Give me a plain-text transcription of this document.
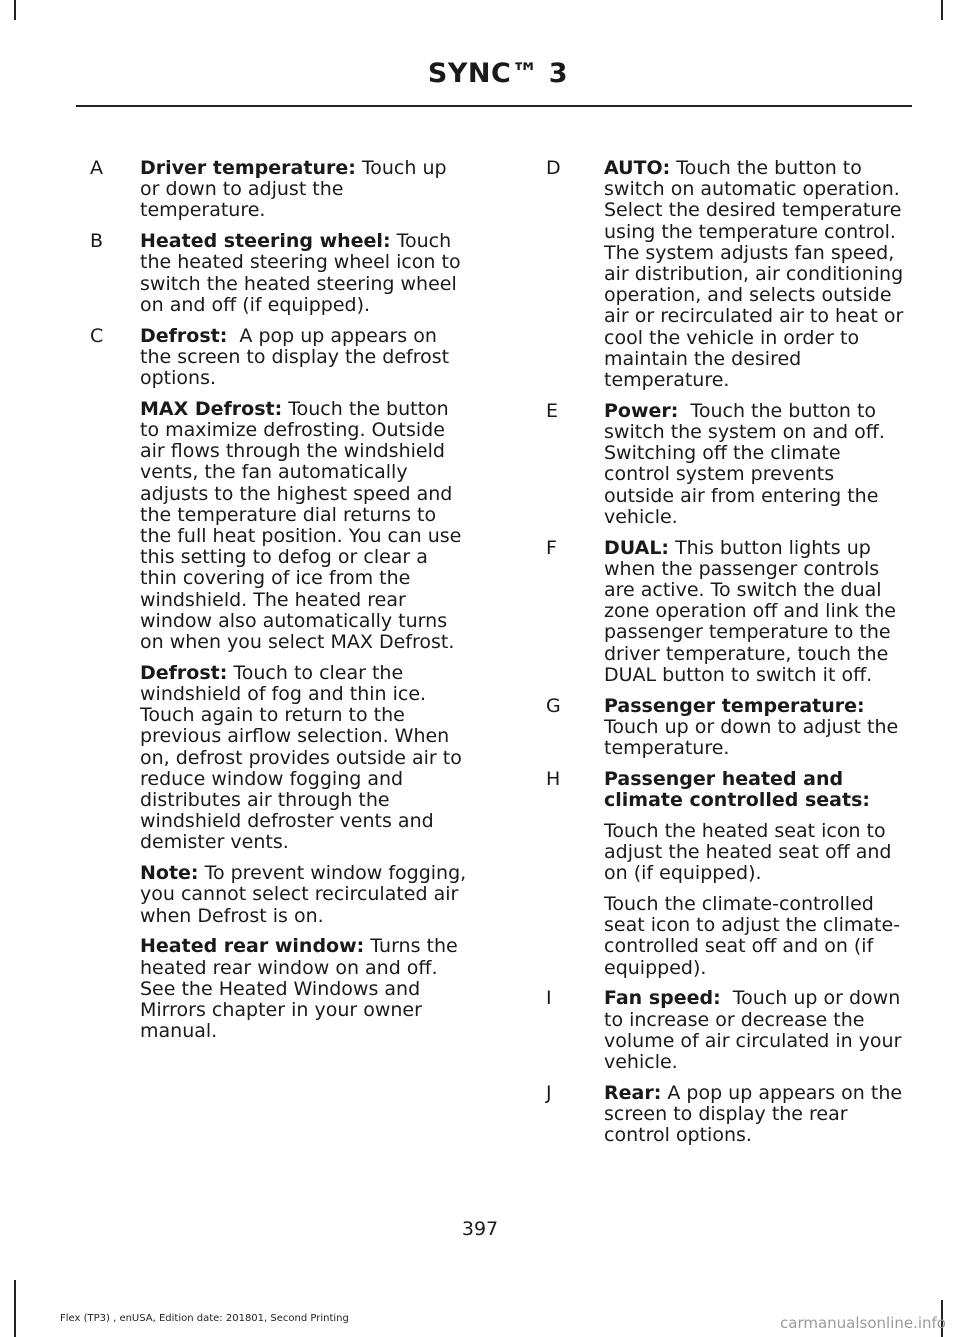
SYNC™ 3
A	Driver temperature: Touch up or down to adjust the temperature.

B	Heated steering wheel: Touch the heated steering wheel icon to switch the heated steering wheel on and off (if equipped).

C	Defrost:  A pop up appears on the screen to display the defrost options.

MAX Defrost: Touch the button to maximize defrosting. Outside air flows through the windshield vents, the fan automatically adjusts to the highest speed and the temperature dial returns to the full heat position. You can use this setting to defog or clear a thin covering of ice from the windshield. The heated rear window also automatically turns on when you select MAX Defrost.

Defrost: Touch to clear the windshield of fog and thin ice. Touch again to return to the previous airflow selection. When on, defrost provides outside air to reduce window fogging and distributes air through the windshield defroster vents and demister vents.

Note: To prevent window fogging, you cannot select recirculated air when Defrost is on.

Heated rear window: Turns the heated rear window on and off. See the Heated Windows and Mirrors chapter in your owner manual.

D	AUTO: Touch the button to switch on automatic operation. Select the desired temperature using the temperature control. The system adjusts fan speed, air distribution, air conditioning operation, and selects outside air or recirculated air to heat or cool the vehicle in order to maintain the desired temperature.

E	Power:  Touch the button to switch the system on and off. Switching off the climate control system prevents outside air from entering the vehicle.

F	DUAL: This button lights up when the passenger controls are active. To switch the dual zone operation off and link the passenger temperature to the driver temperature, touch the DUAL button to switch it off.

G	Passenger temperature: Touch up or down to adjust the temperature.

H	Passenger heated and climate controlled seats:

Touch the heated seat icon to adjust the heated seat off and on (if equipped).

Touch the climate-controlled seat icon to adjust the climate-controlled seat off and on (if equipped).

I	Fan speed:  Touch up or down to increase or decrease the volume of air circulated in your vehicle.

J	Rear: A pop up appears on the screen to display the rear control options.

397
Flex (TP3) , enUSA, Edition date: 201801, Second Printing	carmanualsonline.info
